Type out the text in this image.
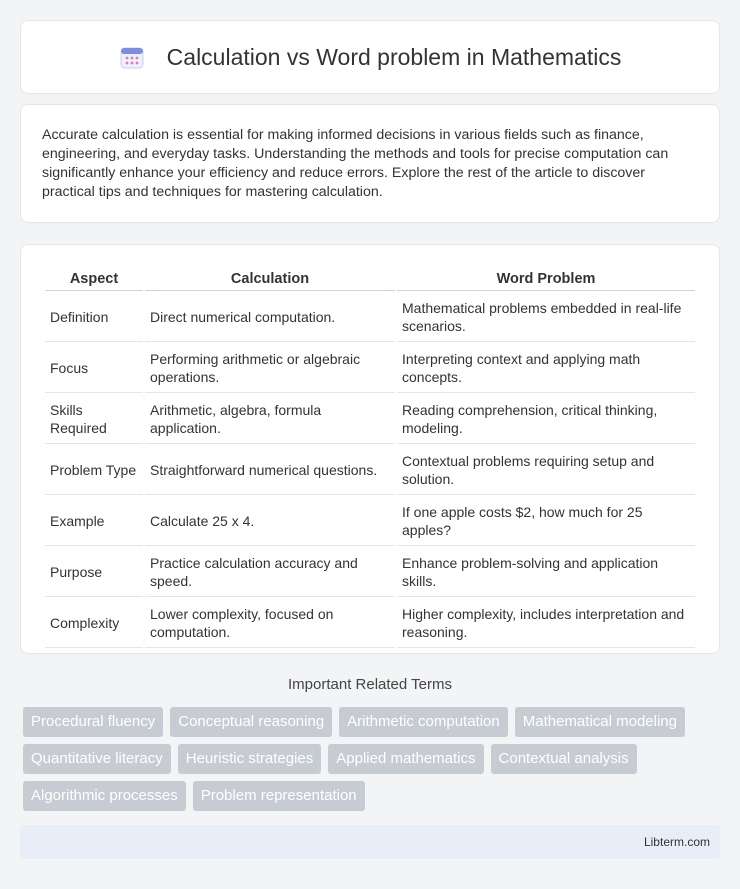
Calculation vs Word problem in Mathematics

Accurate calculation is essential for making informed decisions in various fields such as finance, engineering, and everyday tasks. Understanding the methods and tools for precise computation can significantly enhance your efficiency and reduce errors. Explore the rest of the article to discover practical tips and techniques for mastering calculation.

Aspect	Calculation	Word Problem
Definition	Direct numerical computation.	Mathematical problems embedded in real-life scenarios.
Focus	Performing arithmetic or algebraic operations.	Interpreting context and applying math concepts.
Skills Required	Arithmetic, algebra, formula application.	Reading comprehension, critical thinking, modeling.
Problem Type	Straightforward numerical questions.	Contextual problems requiring setup and solution.
Example	Calculate 25 x 4.	If one apple costs $2, how much for 25 apples?
Purpose	Practice calculation accuracy and speed.	Enhance problem-solving and application skills.
Complexity	Lower complexity, focused on computation.	Higher complexity, includes interpretation and reasoning.
Important Related Terms
Procedural fluency	Conceptual reasoning	Arithmetic computation	Mathematical modeling
Quantitative literacy	Heuristic strategies	Applied mathematics	Contextual analysis
Algorithmic processes	Problem representation
Libterm.com
